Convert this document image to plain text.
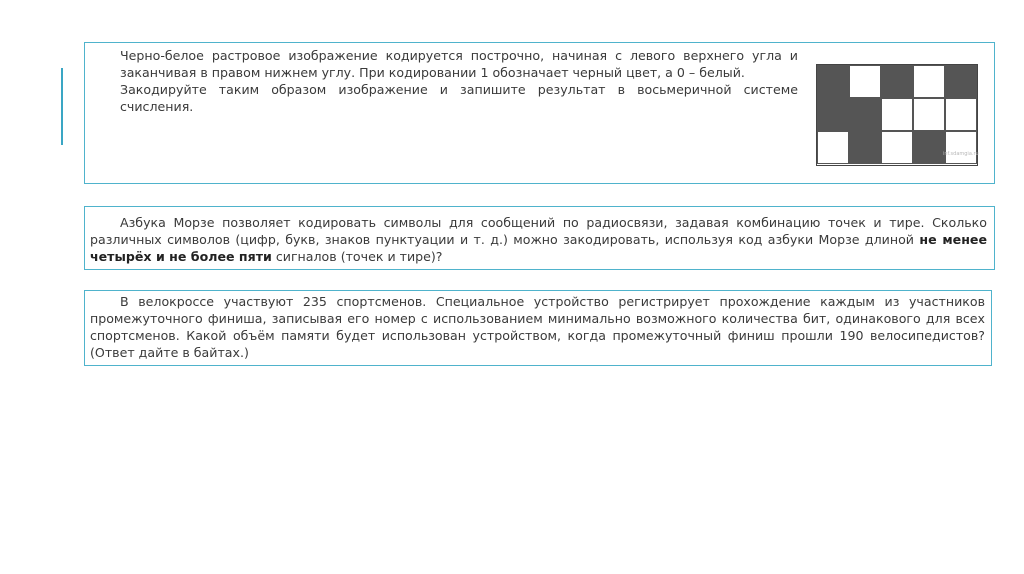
Черно-белое растровое изображение кодируется построчно, начиная с левого верхнего угла и заканчивая в правом нижнем углу. При кодировании 1 обозначает черный цвет, а 0 – белый.

Закодируйте таким образом изображение и запишите результат в восьмеричной системе счисления.

inf.sdamgia.ru

Азбука Морзе позволяет кодировать символы для сообщений по радиосвязи, задавая комбинацию точек и тире. Сколько различных символов (цифр, букв, знаков пунктуации и т. д.) можно закодировать, используя код азбуки Морзе длиной не менее четырёх и не более пяти сигналов (точек и тире)?

В велокроссе участвуют 235 спортсменов. Специальное устройство регистрирует прохождение каждым из участников промежуточного финиша, записывая его номер с использованием минимально возможного количества бит, одинакового для всех спортсменов. Какой объём памяти будет использован устройством, когда промежуточный финиш прошли 190 велосипедистов? (Ответ дайте в байтах.)
